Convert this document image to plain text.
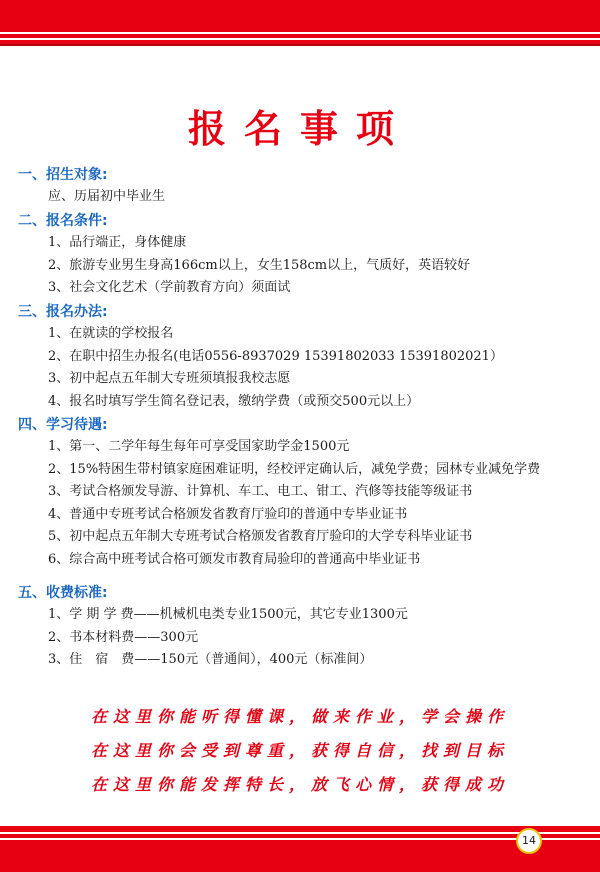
报名事项
一、招生对象:
应、历届初中毕业生
二、报名条件:
1、品行端正，身体健康
2、旅游专业男生身高166cm以上，女生158cm以上，气质好，英语较好
3、社会文化艺术（学前教育方向）须面试
三、报名办法:
1、在就读的学校报名
2、在职中招生办报名(电话0556-8937029 15391802033 15391802021）
3、初中起点五年制大专班须填报我校志愿
4、报名时填写学生简名登记表，缴纳学费（或预交500元以上）
四、学习待遇:
1、第一、二学年每生每年可享受国家助学金1500元
2、15%特困生带村镇家庭困难证明，经校评定确认后，减免学费；园林专业减免学费
3、考试合格颁发导游、计算机、车工、电工、钳工、汽修等技能等级证书
4、普通中专班考试合格颁发省教育厅验印的普通中专毕业证书
5、初中起点五年制大专班考试合格颁发省教育厅验印的大学专科毕业证书
6、综合高中班考试合格可颁发市教育局验印的普通高中毕业证书
五、收费标准:
1、学 期 学 费——机械机电类专业1500元，其它专业1300元
2、书本材料费——300元
3、住　宿　费——150元（普通间），400元（标准间）
在这里你能听得懂课，做来作业，学会操作
在这里你会受到尊重，获得自信，找到目标
在这里你能发挥特长，放飞心情，获得成功
14
